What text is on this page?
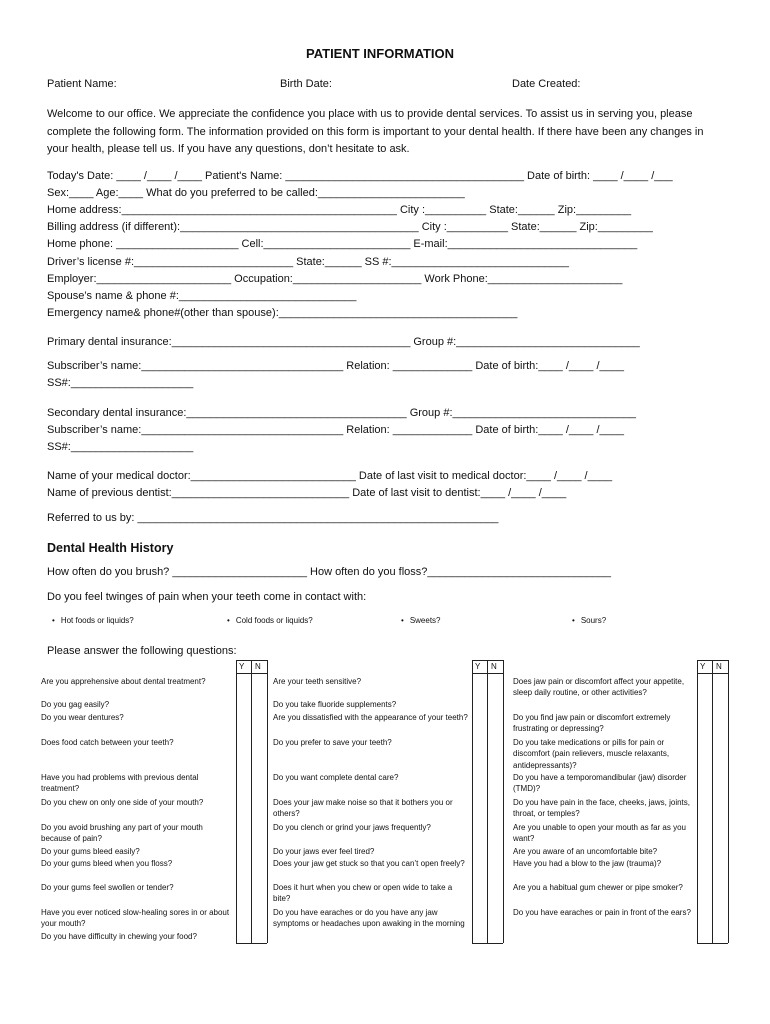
PATIENT INFORMATION
Patient Name:	Birth Date:	Date Created:
Welcome to our office. We appreciate the confidence you place with us to provide dental services. To assist us in serving you, please complete the following form. The information provided on this form is important to your dental health. If there have been any changes in your health, please tell us. If you have any questions, don’t hesitate to ask.
Today's Date: ____ /____ /____ Patient's Name: _______________________________________ Date of birth: ____ /____ /___
Sex:____ Age:____ What do you preferred to be called:________________________
Home address:_____________________________________________ City :__________ State:______ Zip:_________
Billing address (if different):_______________________________________ City :__________ State:______ Zip:_________
Home phone: ____________________ Cell:________________________ E-mail:_______________________________
Driver’s license #:__________________________ State:______ SS #:_____________________________
Employer:______________________ Occupation:_____________________ Work Phone:______________________
Spouse’s name & phone #:_____________________________
Emergency name& phone#(other than spouse):_______________________________________
Primary dental insurance:_______________________________________ Group #:______________________________
Subscriber’s name:_________________________________ Relation: _____________ Date of birth:____ /____ /____
SS#:____________________
Secondary dental insurance:____________________________________ Group #:______________________________
Subscriber’s name:_________________________________ Relation: _____________ Date of birth:____ /____ /____
SS#:____________________
Name of your medical doctor:___________________________ Date of last visit to medical doctor:____ /____ /____
Name of previous dentist:_____________________________ Date of last visit to dentist:____ /____ /____
Referred to us by: ___________________________________________________________
Dental Health History
How often do you brush? ______________________ How often do you floss?______________________________
Do you feel twinges of pain when your teeth come in contact with:
• Hot foods or liquids?	• Cold foods or liquids?	• Sweets?	• Sours?
Please answer the following questions:
Y N	Y N	Y N
Are you apprehensive about dental treatment?
Do you gag easily?
Do you wear dentures?
Does food catch between your teeth?
Have you had problems with previous dental treatment?
Do you chew on only one side of your mouth?
Do you avoid brushing any part of your mouth because of pain?
Do your gums bleed easily?
Do your gums bleed when you floss?
Do your gums feel swollen or tender?
Have you ever noticed slow-healing sores in or about your mouth?
Do you have difficulty in chewing your food?
Are your teeth sensitive?
Do you take fluoride supplements?
Are you dissatisfied with the appearance of your teeth?
Do you prefer to save your teeth?
Do you want complete dental care?
Does your jaw make noise so that it bothers you or others?
Do you clench or grind your jaws frequently?
Do your jaws ever feel tired?
Does your jaw get stuck so that you can’t open freely?
Does it hurt when you chew or open wide to take a bite?
Do you have earaches or do you have any jaw symptoms or headaches upon awaking in the morning
Does jaw pain or discomfort affect your appetite, sleep daily routine, or other activities?
Do you find jaw pain or discomfort extremely frustrating or depressing?
Do you take medications or pills for pain or discomfort (pain relievers, muscle relaxants, antidepressants)?
Do you have a temporomandibular (jaw) disorder (TMD)?
Do you have pain in the face, cheeks, jaws, joints, throat, or temples?
Are you unable to open your mouth as far as you want?
Are you aware of an uncomfortable bite?
Have you had a blow to the jaw (trauma)?
Are you a habitual gum chewer or pipe smoker?
Do you have earaches or pain in front of the ears?
